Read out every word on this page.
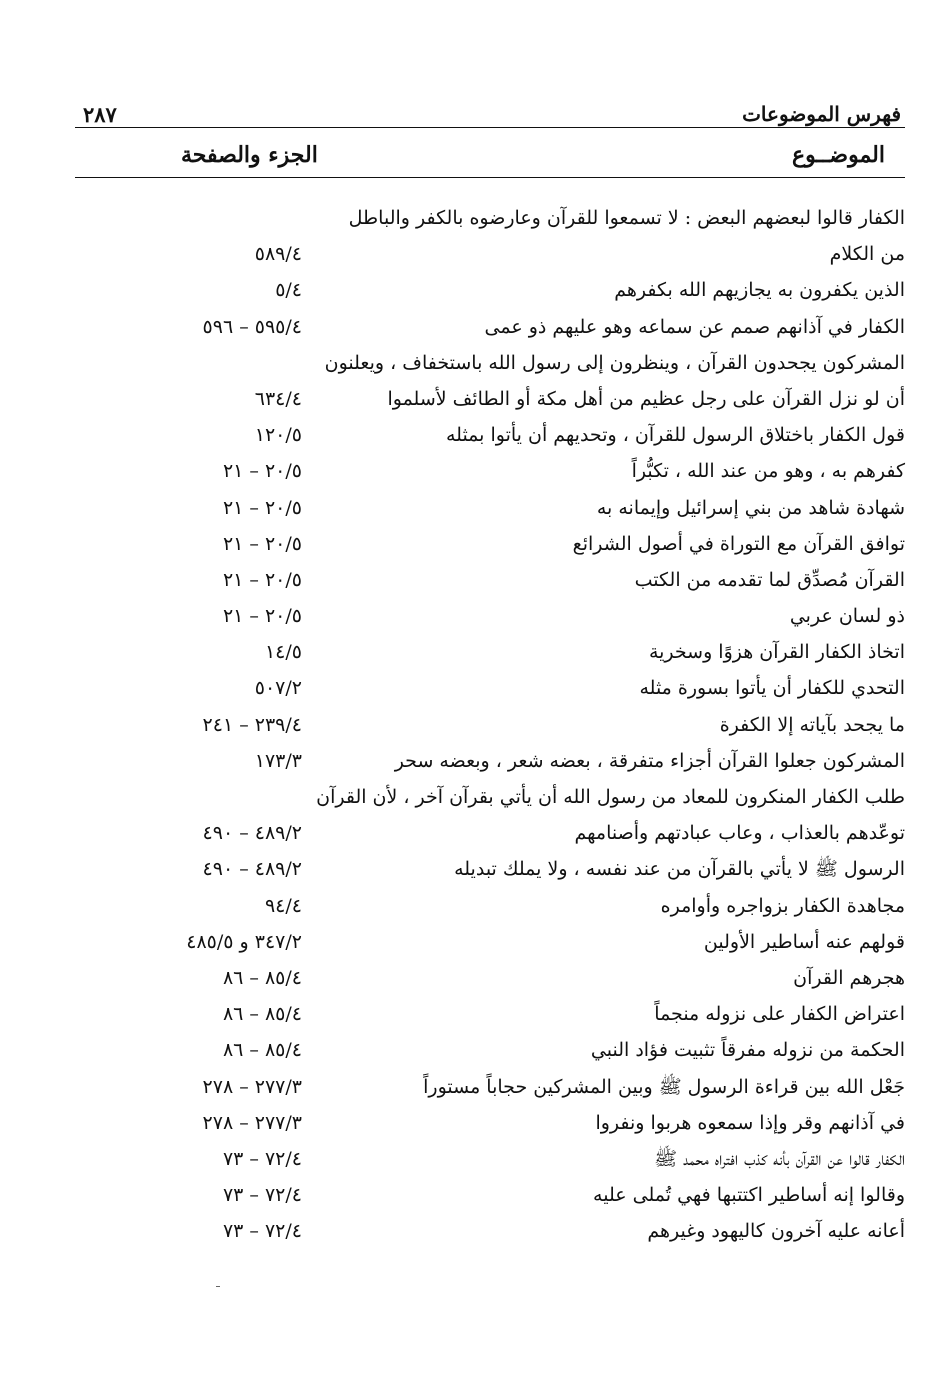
٢٨٧	فهرس الموضوعات
الموضــوع
الجزء والصفحة
الكفار قالوا لبعضهم البعض : لا تسمعوا للقرآن وعارضوه بالكفر والباطل
من الكلام
٥٨٩/٤
الذين يكفرون به يجازيهم الله بكفرهم
٥/٤
الكفار في آذانهم صمم عن سماعه وهو عليهم ذو عمى
٥٩٥/٤ – ٥٩٦
المشركون يجحدون القرآن ، وينظرون إلى رسول الله باستخفاف ، ويعلنون
أن لو نزل القرآن على رجل عظيم من أهل مكة أو الطائف لأسلموا
٦٣٤/٤
قول الكفار باختلاق الرسول للقرآن ، وتحديهم أن يأتوا بمثله
١٢٠/٥
كفرهم به ، وهو من عند الله ، تكبُّراً
٢٠/٥ – ٢١
شهادة شاهد من بني إسرائيل وإيمانه به
٢٠/٥ – ٢١
توافق القرآن مع التوراة في أصول الشرائع
٢٠/٥ – ٢١
القرآن مُصدِّق لما تقدمه من الكتب
٢٠/٥ – ٢١
ذو لسان عربي
٢٠/٥ – ٢١
اتخاذ الكفار القرآن هزوًا وسخرية
١٤/٥
التحدي للكفار أن يأتوا بسورة مثله
٥٠٧/٢
ما يجحد بآياته إلا الكفرة
٢٣٩/٤ – ٢٤١
المشركون جعلوا القرآن أجزاء متفرقة ، بعضه شعر ، وبعضه سحر
١٧٣/٣
طلب الكفار المنكرون للمعاد من رسول الله أن يأتي بقرآن آخر ، لأن القرآن
توعّدهم بالعذاب ، وعاب عبادتهم وأصنامهم
٤٨٩/٢ – ٤٩٠
الرسول ﷺ لا يأتي بالقرآن من عند نفسه ، ولا يملك تبديله
٤٨٩/٢ – ٤٩٠
مجاهدة الكفار بزواجره وأوامره
٩٤/٤
قولهم عنه أساطير الأولين
٣٤٧/٢ و ٤٨٥/٥
هجرهم القرآن
٨٥/٤ – ٨٦
اعتراض الكفار على نزوله منجماً
٨٥/٤ – ٨٦
الحكمة من نزوله مفرقاً تثبيت فؤاد النبي
٨٥/٤ – ٨٦
جَعْل الله بين قراءة الرسول ﷺ وبين المشركين حجاباً مستوراً
٢٧٧/٣ – ٢٧٨
في آذانهم وقر وإذا سمعوه هربوا ونفروا
٢٧٧/٣ – ٢٧٨
الكفار قالوا عن القرآن بأنه كذب افتراه محمد ﷺ
٧٢/٤ – ٧٣
وقالوا إنه أساطير اكتتبها فهي تُملى عليه
٧٢/٤ – ٧٣
أعانه عليه آخرون كاليهود وغيرهم
٧٢/٤ – ٧٣
